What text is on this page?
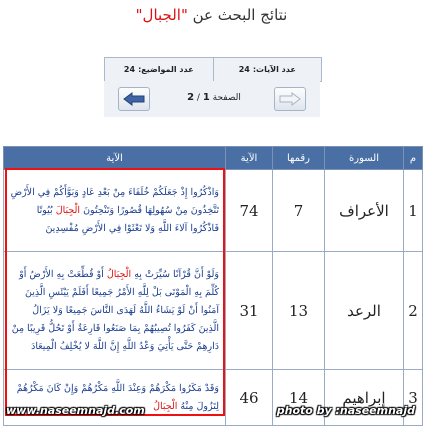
نتائج البحث عن "الجبال"
عدد الآيات:
24
عدد المواضيع:
24
الصفحة 1 / 2
الآية	الآية	رقمها	السورة	م
وَاذْكُرُوا إِذْ جَعَلَكُمْ خُلَفَاءَ مِنْ بَعْدِ عَادٍ وَبَوَّأَكُمْ فِي الأَرْضِ تَتَّخِذُونَ مِنْ سُهُولِهَا قُصُورًا وَتَنْحِتُونَ الْجِبَالَ بُيُوتًا فَاذْكُرُوا آلاءَ اللَّهِ وَلا تَعْثَوْا فِي الأَرْضِ مُفْسِدِينَ	74	7	الأعراف	1
وَلَوْ أَنَّ قُرْآنًا سُيِّرَتْ بِهِ الْجِبَالُ أَوْ قُطِّعَتْ بِهِ الأَرْضُ أَوْ كُلِّمَ بِهِ الْمَوْتَى بَلْ لِلَّهِ الأَمْرُ جَمِيعًا أَفَلَمْ يَيْئَسِ الَّذِينَ آمَنُوا أَنْ لَوْ يَشَاءُ اللَّهُ لَهَدَى النَّاسَ جَمِيعًا وَلا يَزَالُ الَّذِينَ كَفَرُوا تُصِيبُهُمْ بِمَا صَنَعُوا قَارِعَةٌ أَوْ تَحُلُّ قَرِيبًا مِنْ دَارِهِمْ حَتَّى يَأْتِيَ وَعْدُ اللَّهِ إِنَّ اللَّهَ لا يُخْلِفُ الْمِيعَادَ	31	13	الرعد	2
وَقَدْ مَكَرُوا مَكْرَهُمْ وَعِنْدَ اللَّهِ مَكْرُهُمْ وَإِنْ كَانَ مَكْرُهُمْ لِتَزُولَ مِنْهُ الْجِبَالُ	46	14	إبراهيم	3
www.naseemnajd.com	photo by :naseemnajd
